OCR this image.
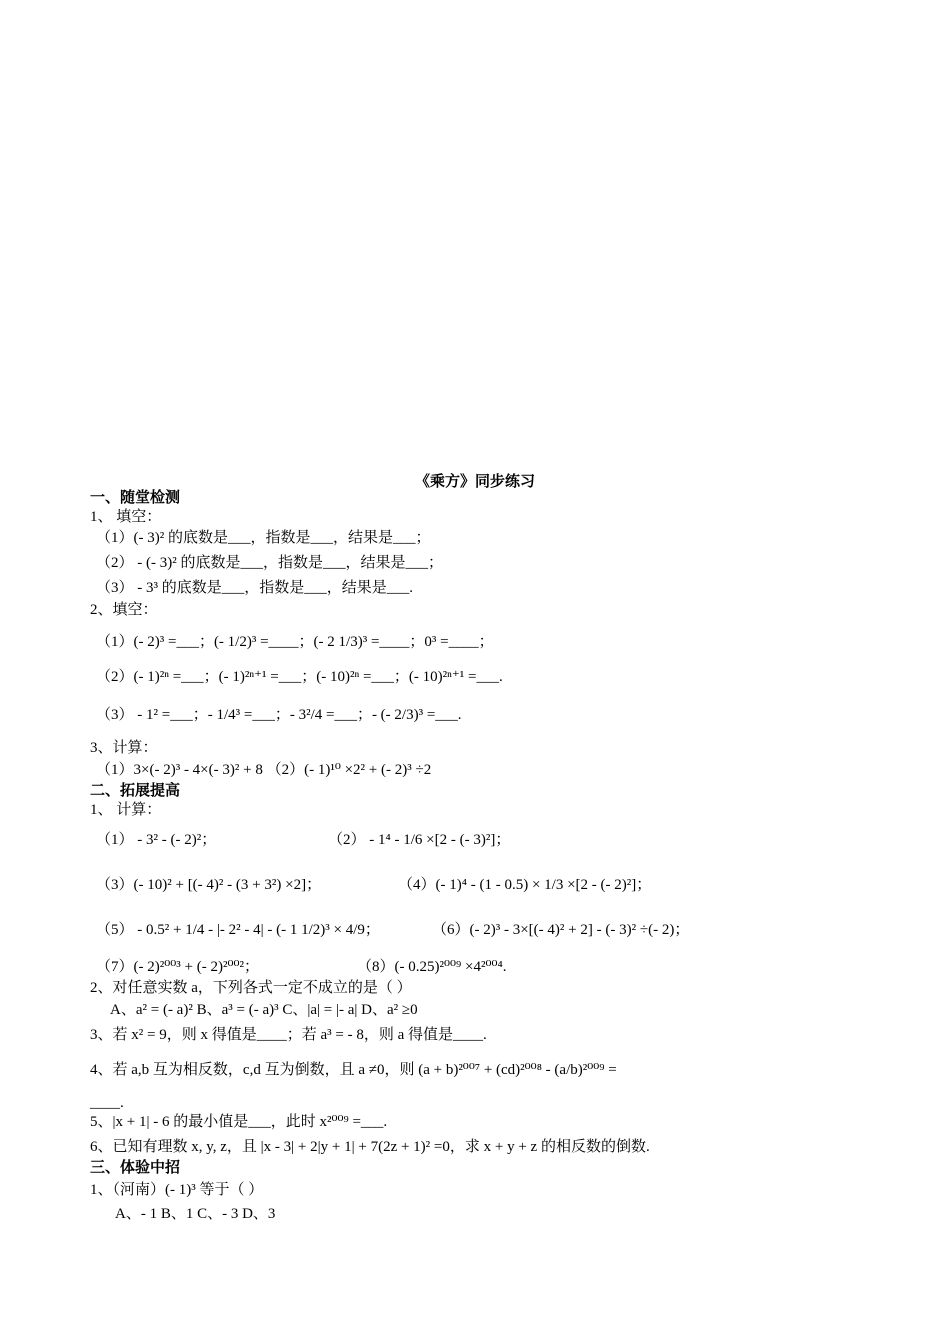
《乘方》同步练习
一、随堂检测
1、 填空：
（1）(- 3)² 的底数是___，指数是___，结果是___；
（2） - (- 3)² 的底数是___，指数是___，结果是___；
（3） - 3³ 的底数是___，指数是___，结果是___.
2、填空：
（1）(- 2)³ =___；(- 1/2)³ =____；(- 2 1/3)³ =____；0³ =____；
（2）(- 1)²ⁿ =___；(- 1)²ⁿ⁺¹ =___；(- 10)²ⁿ =___；(- 10)²ⁿ⁺¹ =___.
（3） - 1² =___；- 1/4³ =___；- 3²/4 =___；- (- 2/3)³ =___.
3、计算：
（1）3×(- 2)³ - 4×(- 3)² + 8 （2）(- 1)¹⁰ ×2² + (- 2)³ ÷2
二、拓展提高
1、 计算：
（1） - 3² - (- 2)²；	（2） - 1⁴ - 1/6 ×[2 - (- 3)²]；
（3）(- 10)² + [(- 4)² - (3 + 3²) ×2]；	（4）(- 1)⁴ - (1 - 0.5) × 1/3 ×[2 - (- 2)²]；
（5） - 0.5² + 1/4 - |- 2² - 4| - (- 1 1/2)³ × 4/9；	（6）(- 2)³ - 3×[(- 4)² + 2] - (- 3)² ÷(- 2)；
（7）(- 2)²⁰⁰³ + (- 2)²⁰⁰²；	（8）(- 0.25)²⁰⁰⁹ ×4²⁰⁰⁴.
2、对任意实数 a，下列各式一定不成立的是（ ）
A、a² = (- a)² B、a³ = (- a)³ C、|a| = |- a| D、a² ≥0
3、若 x² = 9，则 x 得值是____；若 a³ = - 8，则 a 得值是____.
4、若 a,b 互为相反数，c,d 互为倒数，且 a ≠0，则 (a + b)²⁰⁰⁷ + (cd)²⁰⁰⁸ - (a/b)²⁰⁰⁹ =
____.
5、|x + 1| - 6 的最小值是___，此时 x²⁰⁰⁹ =___.
6、已知有理数 x, y, z，且 |x - 3| + 2|y + 1| + 7(2z + 1)² =0，求 x + y + z 的相反数的倒数.
三、体验中招
1、（河南）(- 1)³ 等于（ ）
A、- 1 B、1 C、- 3 D、3
